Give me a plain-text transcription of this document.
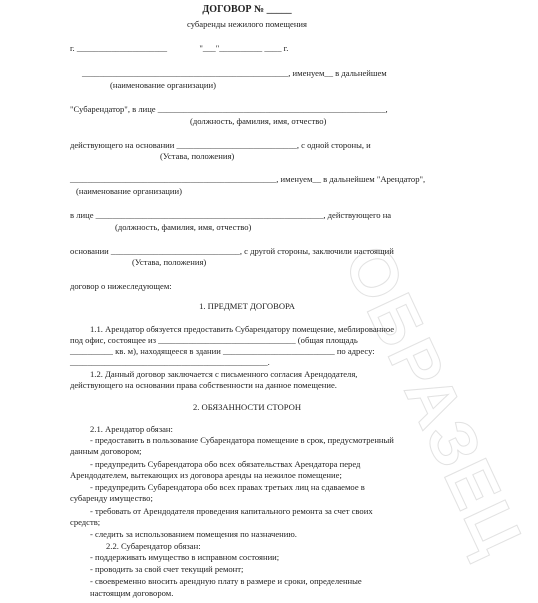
ОБРАЗЕЦ
ДОГОВОР № _____
субаренды нежилого помещения
г. _____________________               "___"__________ ____ г.
________________________________________________, именуем__ в дальнейшем
(наименование организации)
"Субарендатор", в лице _____________________________________________________,
(должность, фамилия, имя, отчество)
действующего на основании ____________________________, с одной стороны, и
(Устава, положения)
________________________________________________, именуем__ в дальнейшем "Арендатор",
(наименование организации)
в лице _____________________________________________________, действующего на
(должность, фамилия, имя, отчество)
основании ______________________________, с другой стороны, заключили настоящий
(Устава, положения)
договор о нижеследующем:
1. ПРЕДМЕТ ДОГОВОРА
1.1. Арендатор обязуется предоставить Субарендатору помещение, меблированное
под офис, состоящее из ________________________________ (общая площадь
__________ кв. м), находящееся в здании __________________________ по адресу:
______________________________________________.
1.2. Данный договор заключается с письменного согласия Арендодателя,
действующего на основании права собственности на данное помещение.
2. ОБЯЗАННОСТИ СТОРОН
2.1. Арендатор обязан:
- предоставить в пользование Субарендатора помещение в срок, предусмотренный
данным договором;
- предупредить Субарендатора обо всех обязательствах Арендатора перед
Арендодателем, вытекающих из договора аренды на нежилое помещение;
- предупредить Субарендатора обо всех правах третьих лиц на сдаваемое в
субаренду имущество;
- требовать от Арендодателя проведения капитального ремонта за счет своих
средств;
- следить за использованием помещения по назначению.
2.2. Субарендатор обязан:
- поддерживать имущество в исправном состоянии;
- проводить за свой счет текущий ремонт;
- своевременно вносить арендную плату в размере и сроки, определенные
настоящим договором.
